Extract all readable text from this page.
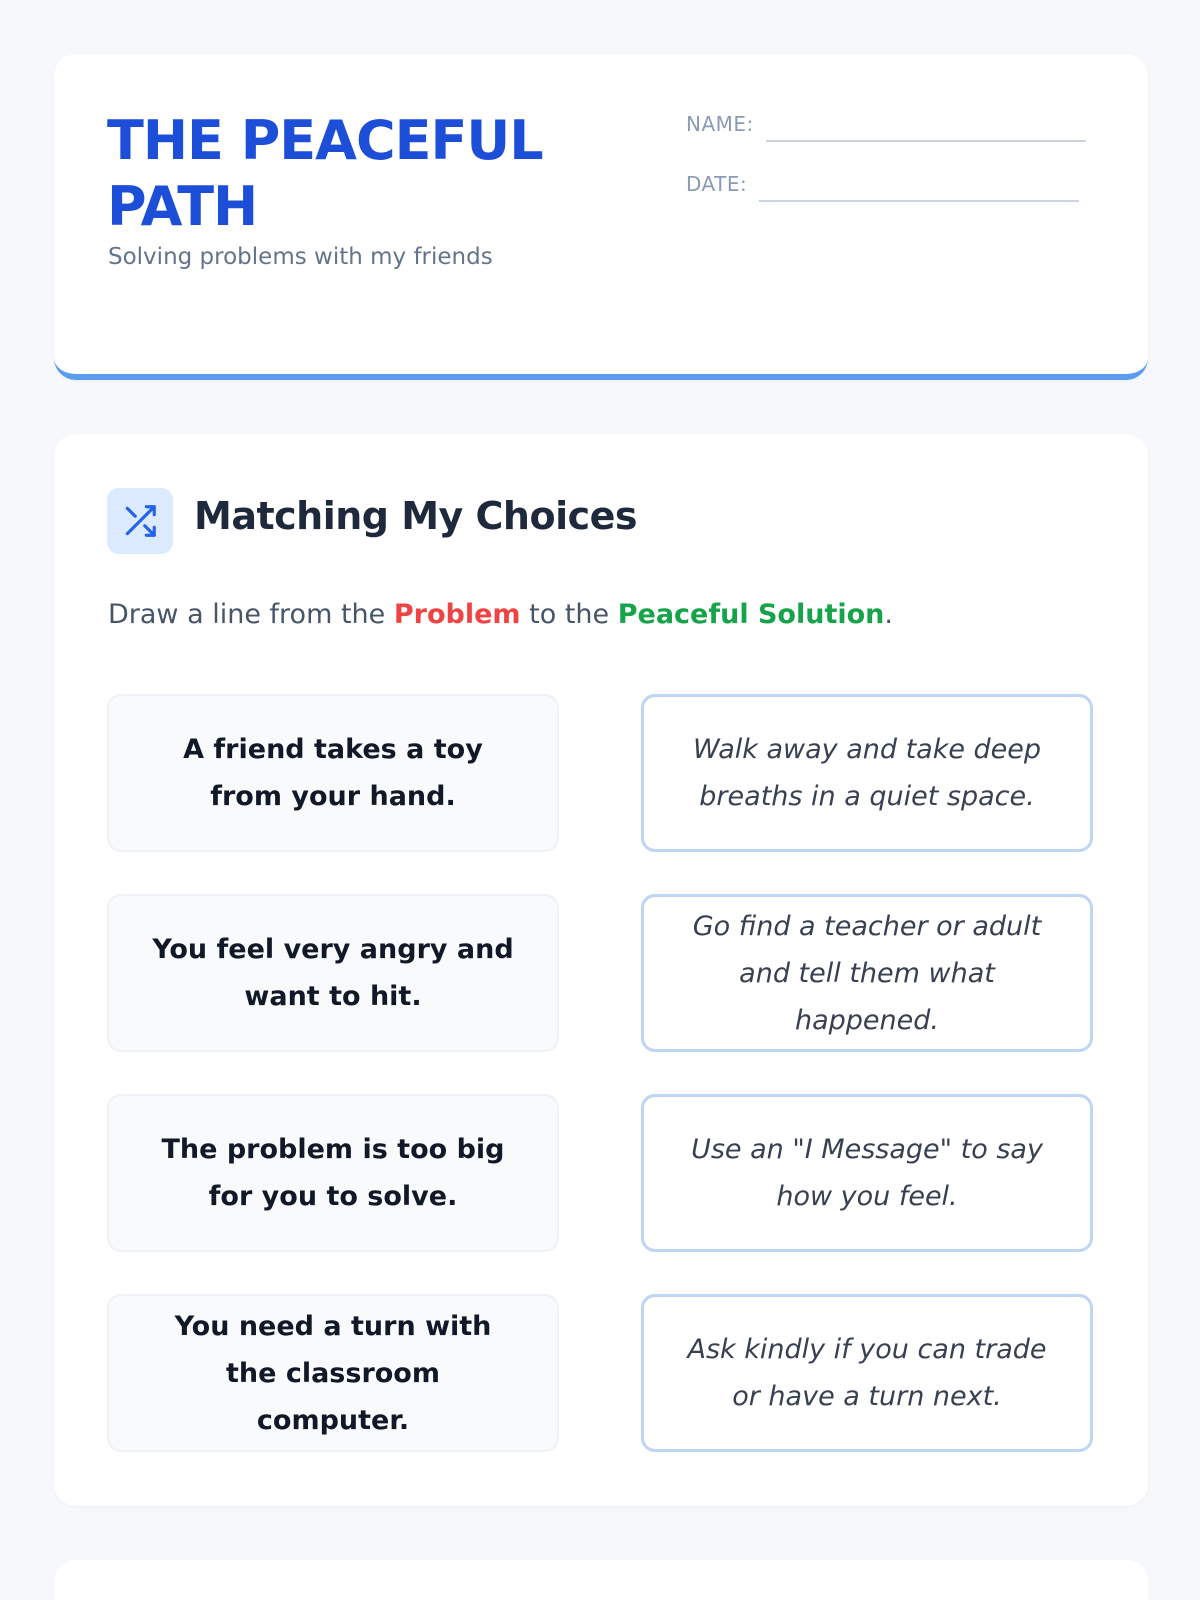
THE PEACEFUL PATH
Solving problems with my friends
NAME:
DATE:
Matching My Choices
Draw a line from the Problem to the Peaceful Solution.
A friend takes a toy from your hand.
Walk away and take deep breaths in a quiet space.
You feel very angry and want to hit.
Go find a teacher or adult and tell them what happened.
The problem is too big for you to solve.
Use an "I Message" to say how you feel.
You need a turn with the classroom computer.
Ask kindly if you can trade or have a turn next.
